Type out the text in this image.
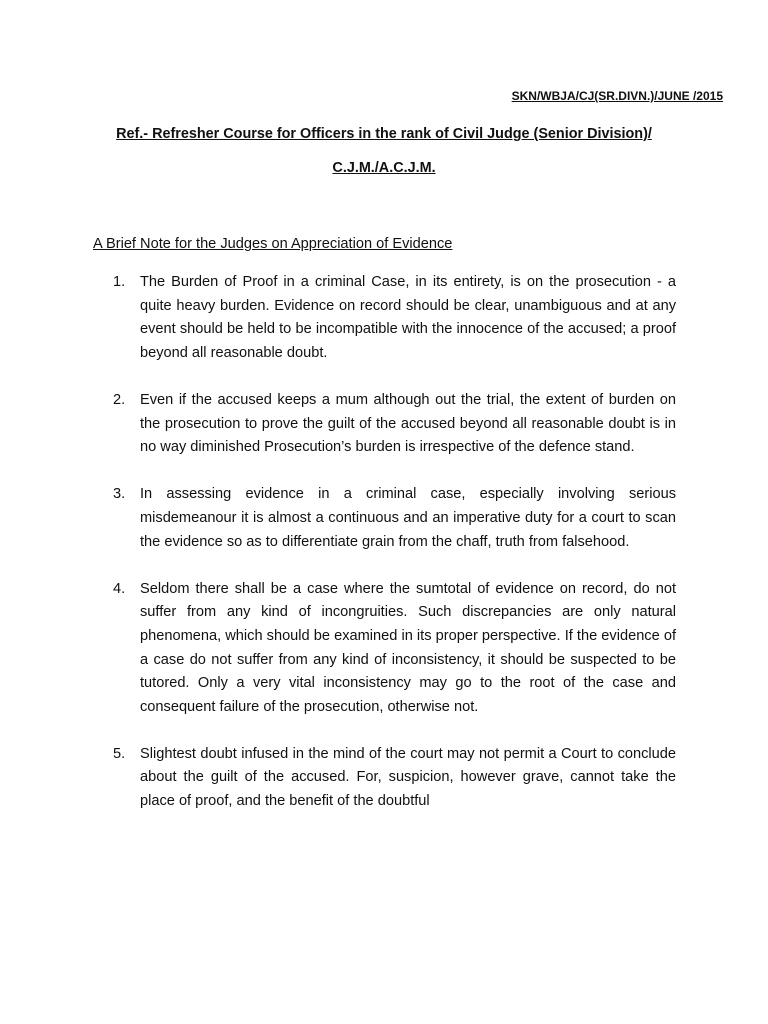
SKN/WBJA/CJ(SR.DIVN.)/JUNE /2015
Ref.- Refresher Course for Officers in the rank of Civil Judge (Senior Division)/
C.J.M./A.C.J.M.
A Brief Note for the Judges on Appreciation of Evidence
1. The Burden of Proof in a criminal Case, in its entirety, is on the prosecution - a quite heavy burden. Evidence on record should be clear, unambiguous and at any event should be held to be incompatible with the innocence of the accused; a proof beyond all reasonable doubt.
2. Even if the accused keeps a mum although out the trial, the extent of burden on the prosecution to prove the guilt of the accused beyond all reasonable doubt is in no way diminished Prosecution’s burden is irrespective of the defence stand.
3. In assessing evidence in a criminal case, especially involving serious misdemeanour it is almost a continuous and an imperative duty for a court to scan the evidence so as to differentiate grain from the chaff, truth from falsehood.
4. Seldom there shall be a case where the sumtotal of evidence on record, do not suffer from any kind of incongruities. Such discrepancies are only natural phenomena, which should be examined in its proper perspective. If the evidence of a case do not suffer from any kind of inconsistency, it should be suspected to be tutored. Only a very vital inconsistency may go to the root of the case and consequent failure of the prosecution, otherwise not.
5. Slightest doubt infused in the mind of the court may not permit a Court to conclude about the guilt of the accused. For, suspicion, however grave, cannot take the place of proof, and the benefit of the doubtful
